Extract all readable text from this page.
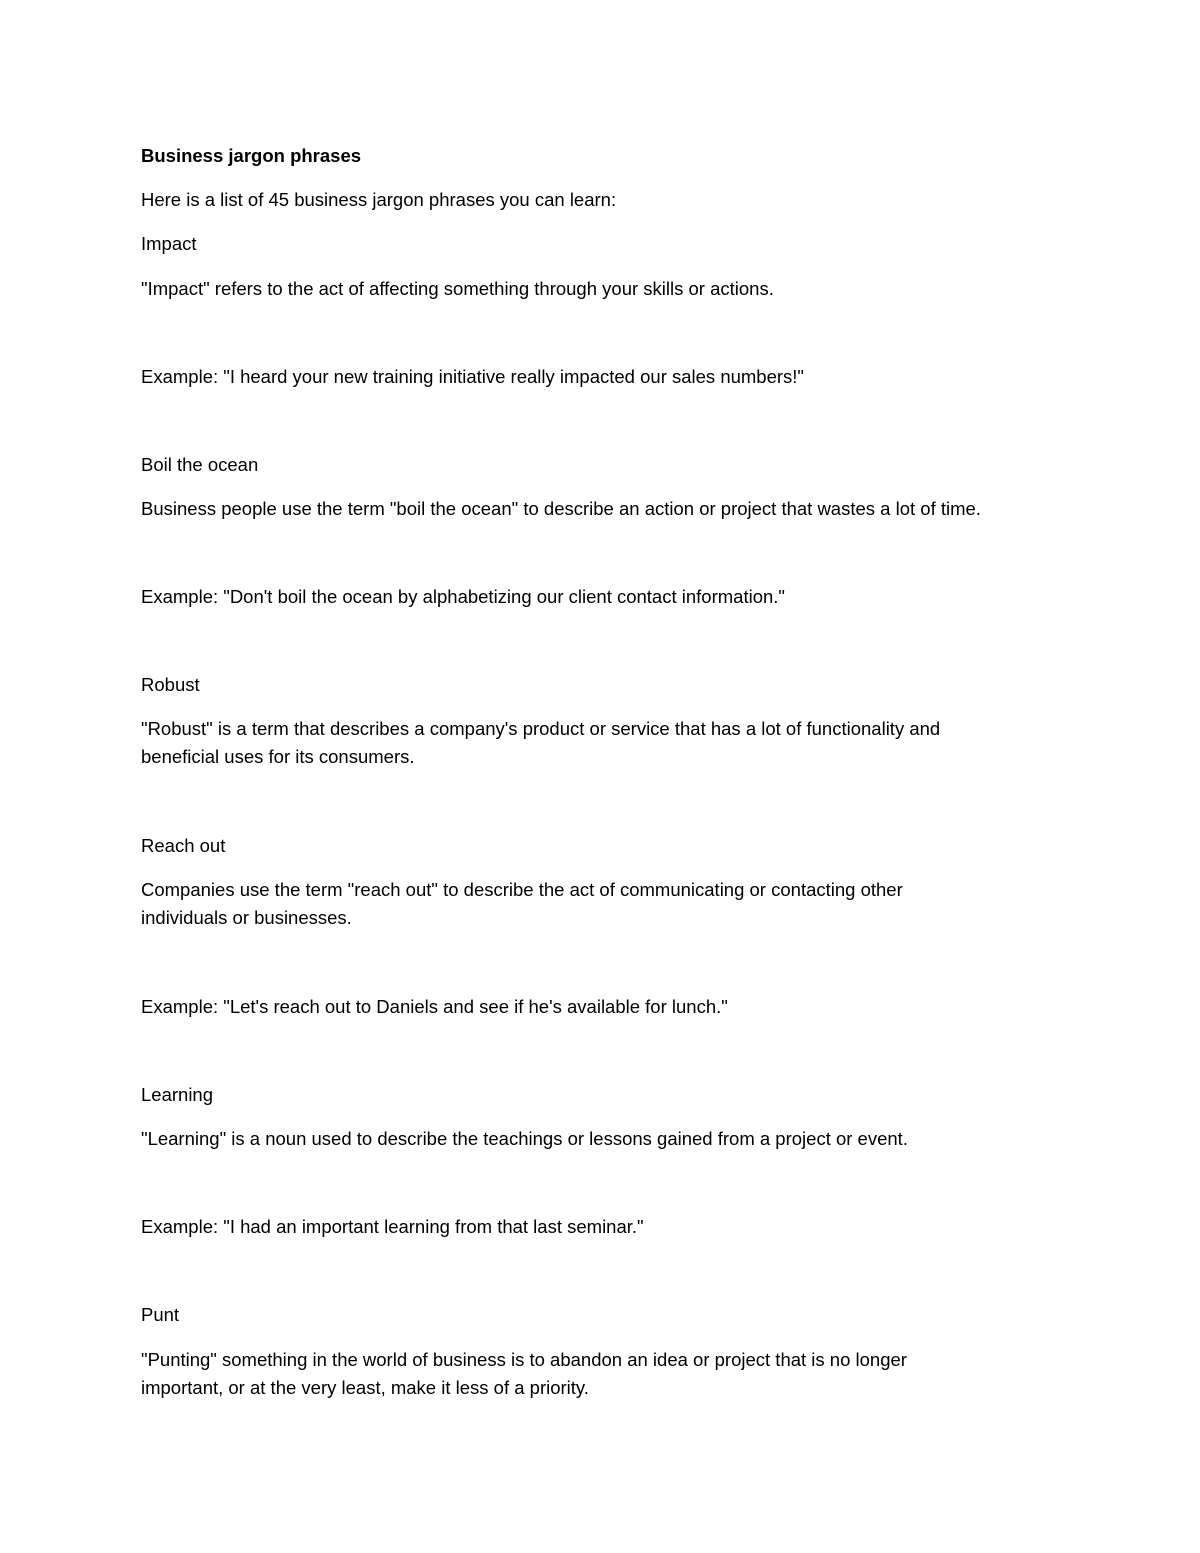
Business jargon phrases

Here is a list of 45 business jargon phrases you can learn:

Impact

"Impact" refers to the act of affecting something through your skills or actions.

Example: "I heard your new training initiative really impacted our sales numbers!"

Boil the ocean

Business people use the term "boil the ocean" to describe an action or project that wastes a lot of time.

Example: "Don't boil the ocean by alphabetizing our client contact information."

Robust

"Robust" is a term that describes a company's product or service that has a lot of functionality and beneficial uses for its consumers.

Reach out

Companies use the term "reach out" to describe the act of communicating or contacting other individuals or businesses.

Example: "Let's reach out to Daniels and see if he's available for lunch."

Learning

"Learning" is a noun used to describe the teachings or lessons gained from a project or event.

Example: "I had an important learning from that last seminar."

Punt

"Punting" something in the world of business is to abandon an idea or project that is no longer important, or at the very least, make it less of a priority.
